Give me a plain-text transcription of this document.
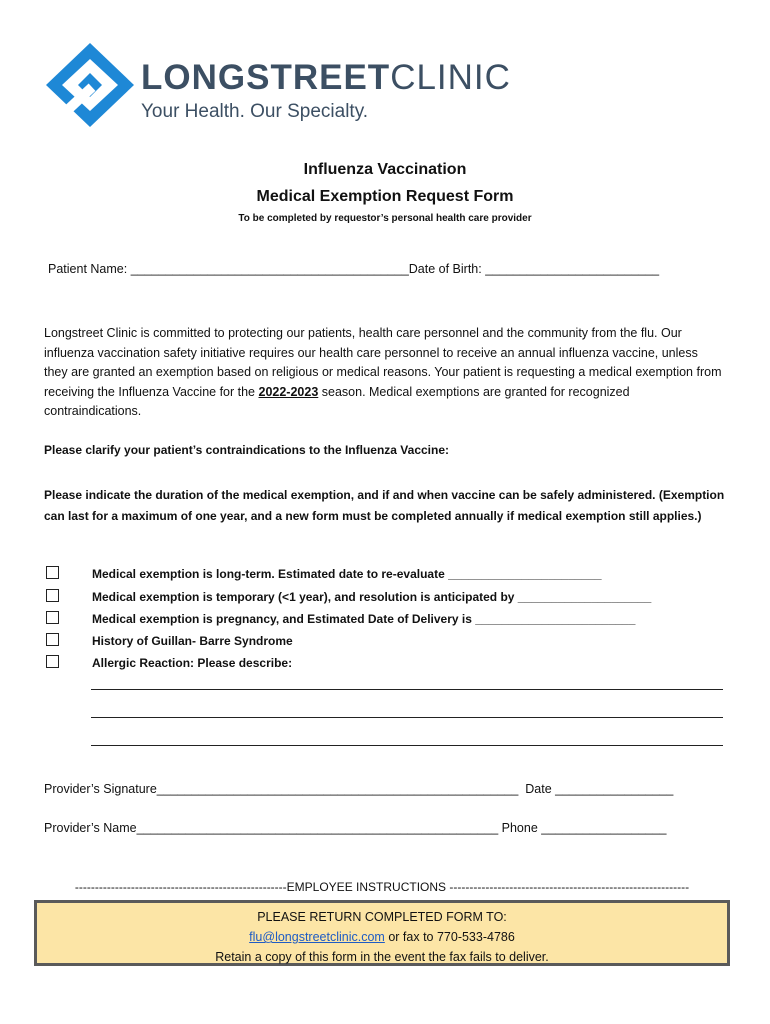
LONGSTREETCLINIC
Your Health. Our Specialty.
Influenza Vaccination
Medical Exemption Request Form
To be completed by requestor’s personal health care provider
Patient Name: ________________________________________Date of Birth: _________________________
Longstreet Clinic is committed to protecting our patients, health care personnel and the community from the flu. Our influenza vaccination safety initiative requires our health care personnel to receive an annual influenza vaccine, unless they are granted an exemption based on religious or medical reasons. Your patient is requesting a medical exemption from receiving the Influenza Vaccine for the 2022-2023 season. Medical exemptions are granted for recognized contraindications.
Please clarify your patient’s contraindications to the Influenza Vaccine:
Please indicate the duration of the medical exemption, and if and when vaccine can be safely administered. (Exemption can last for a maximum of one year, and a new form must be completed annually if medical exemption still applies.)
Medical exemption is long-term. Estimated date to re-evaluate _______________________
Medical exemption is temporary (<1 year), and resolution is anticipated by ____________________
Medical exemption is pregnancy, and Estimated Date of Delivery is ________________________
History of Guillan- Barre Syndrome
Allergic Reaction: Please describe:
Provider’s Signature____________________________________________________ Date _________________
Provider’s Name____________________________________________________ Phone __________________
-----------------------------------------------------EMPLOYEE INSTRUCTIONS ------------------------------------------------------------
PLEASE RETURN COMPLETED FORM TO:
flu@longstreetclinic.com or fax to 770-533-4786
Retain a copy of this form in the event the fax fails to deliver.
